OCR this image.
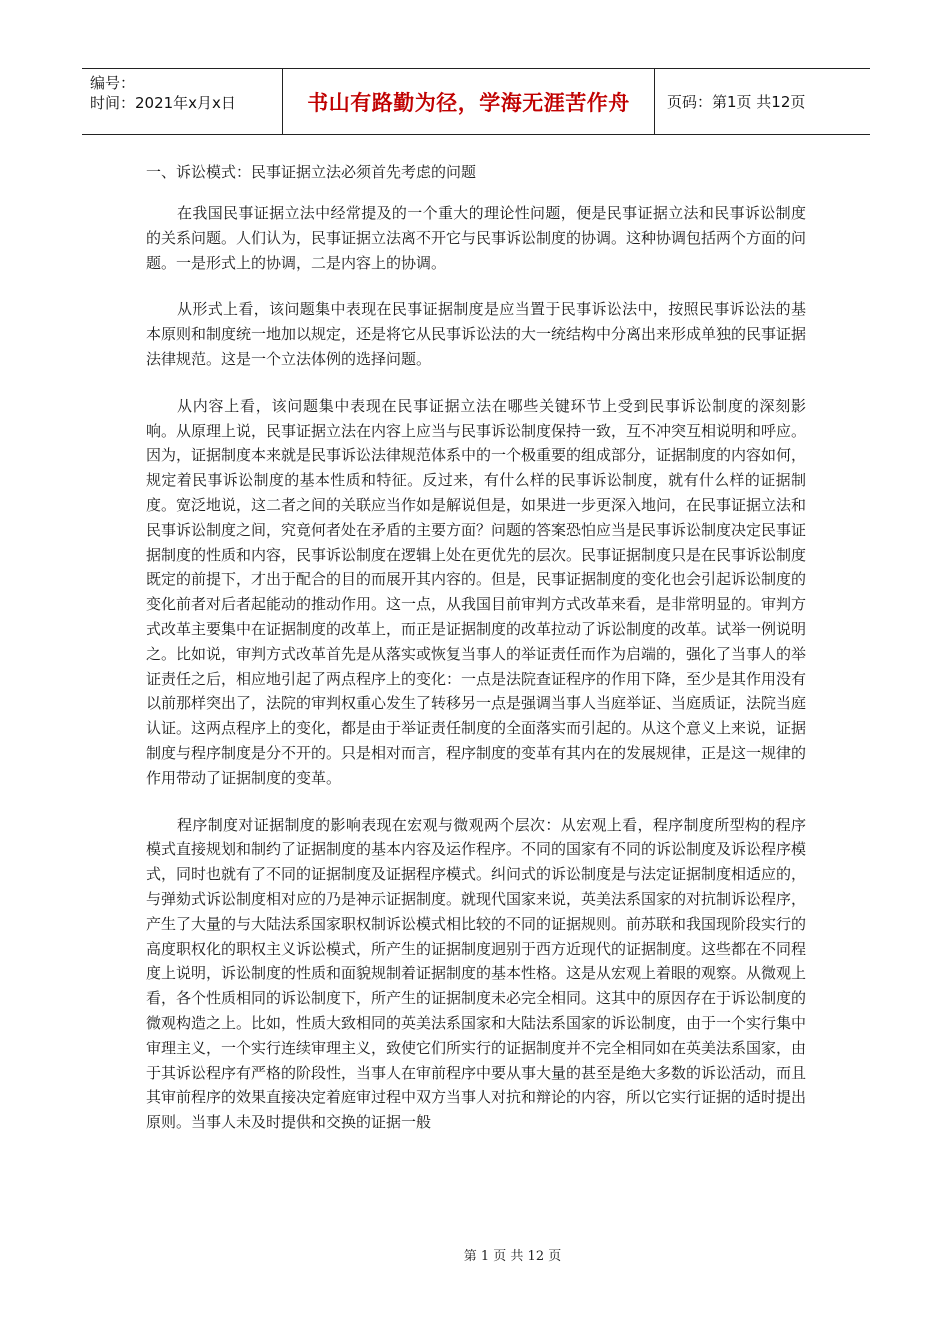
编号：
时间：2021年x月x日	书山有路勤为径，学海无涯苦作舟	页码：第1页 共12页
一、诉讼模式：民事证据立法必须首先考虑的问题

在我国民事证据立法中经常提及的一个重大的理论性问题，便是民事证据立法和民事诉讼制度的关系问题。人们认为，民事证据立法离不开它与民事诉讼制度的协调。这种协调包括两个方面的问题。一是形式上的协调，二是内容上的协调。

从形式上看，该问题集中表现在民事证据制度是应当置于民事诉讼法中，按照民事诉讼法的基本原则和制度统一地加以规定，还是将它从民事诉讼法的大一统结构中分离出来形成单独的民事证据法律规范。这是一个立法体例的选择问题。

从内容上看，该问题集中表现在民事证据立法在哪些关键环节上受到民事诉讼制度的深刻影响。从原理上说，民事证据立法在内容上应当与民事诉讼制度保持一致，互不冲突互相说明和呼应。因为，证据制度本来就是民事诉讼法律规范体系中的一个极重要的组成部分，证据制度的内容如何，规定着民事诉讼制度的基本性质和特征。反过来，有什么样的民事诉讼制度，就有什么样的证据制度。宽泛地说，这二者之间的关联应当作如是解说但是，如果进一步更深入地问，在民事证据立法和民事诉讼制度之间，究竟何者处在矛盾的主要方面？问题的答案恐怕应当是民事诉讼制度决定民事证据制度的性质和内容，民事诉讼制度在逻辑上处在更优先的层次。民事证据制度只是在民事诉讼制度既定的前提下，才出于配合的目的而展开其内容的。但是，民事证据制度的变化也会引起诉讼制度的变化前者对后者起能动的推动作用。这一点，从我国目前审判方式改革来看，是非常明显的。审判方式改革主要集中在证据制度的改革上，而正是证据制度的改革拉动了诉讼制度的改革。试举一例说明之。比如说，审判方式改革首先是从落实或恢复当事人的举证责任而作为启端的，强化了当事人的举证责任之后，相应地引起了两点程序上的变化：一点是法院查证程序的作用下降，至少是其作用没有以前那样突出了，法院的审判权重心发生了转移另一点是强调当事人当庭举证、当庭质证，法院当庭认证。这两点程序上的变化，都是由于举证责任制度的全面落实而引起的。从这个意义上来说，证据制度与程序制度是分不开的。只是相对而言，程序制度的变革有其内在的发展规律，正是这一规律的作用带动了证据制度的变革。

程序制度对证据制度的影响表现在宏观与微观两个层次：从宏观上看，程序制度所型构的程序模式直接规划和制约了证据制度的基本内容及运作程序。不同的国家有不同的诉讼制度及诉讼程序模式，同时也就有了不同的证据制度及证据程序模式。纠问式的诉讼制度是与法定证据制度相适应的，与弹劾式诉讼制度相对应的乃是神示证据制度。就现代国家来说，英美法系国家的对抗制诉讼程序，产生了大量的与大陆法系国家职权制诉讼模式相比较的不同的证据规则。前苏联和我国现阶段实行的高度职权化的职权主义诉讼模式，所产生的证据制度迥别于西方近现代的证据制度。这些都在不同程度上说明，诉讼制度的性质和面貌规制着证据制度的基本性格。这是从宏观上着眼的观察。从微观上看，各个性质相同的诉讼制度下，所产生的证据制度未必完全相同。这其中的原因存在于诉讼制度的微观构造之上。比如，性质大致相同的英美法系国家和大陆法系国家的诉讼制度，由于一个实行集中审理主义，一个实行连续审理主义，致使它们所实行的证据制度并不完全相同如在英美法系国家，由于其诉讼程序有严格的阶段性，当事人在审前程序中要从事大量的甚至是绝大多数的诉讼活动，而且其审前程序的效果直接决定着庭审过程中双方当事人对抗和辩论的内容，所以它实行证据的适时提出原则。当事人未及时提供和交换的证据一般

第 1 页 共 12 页
